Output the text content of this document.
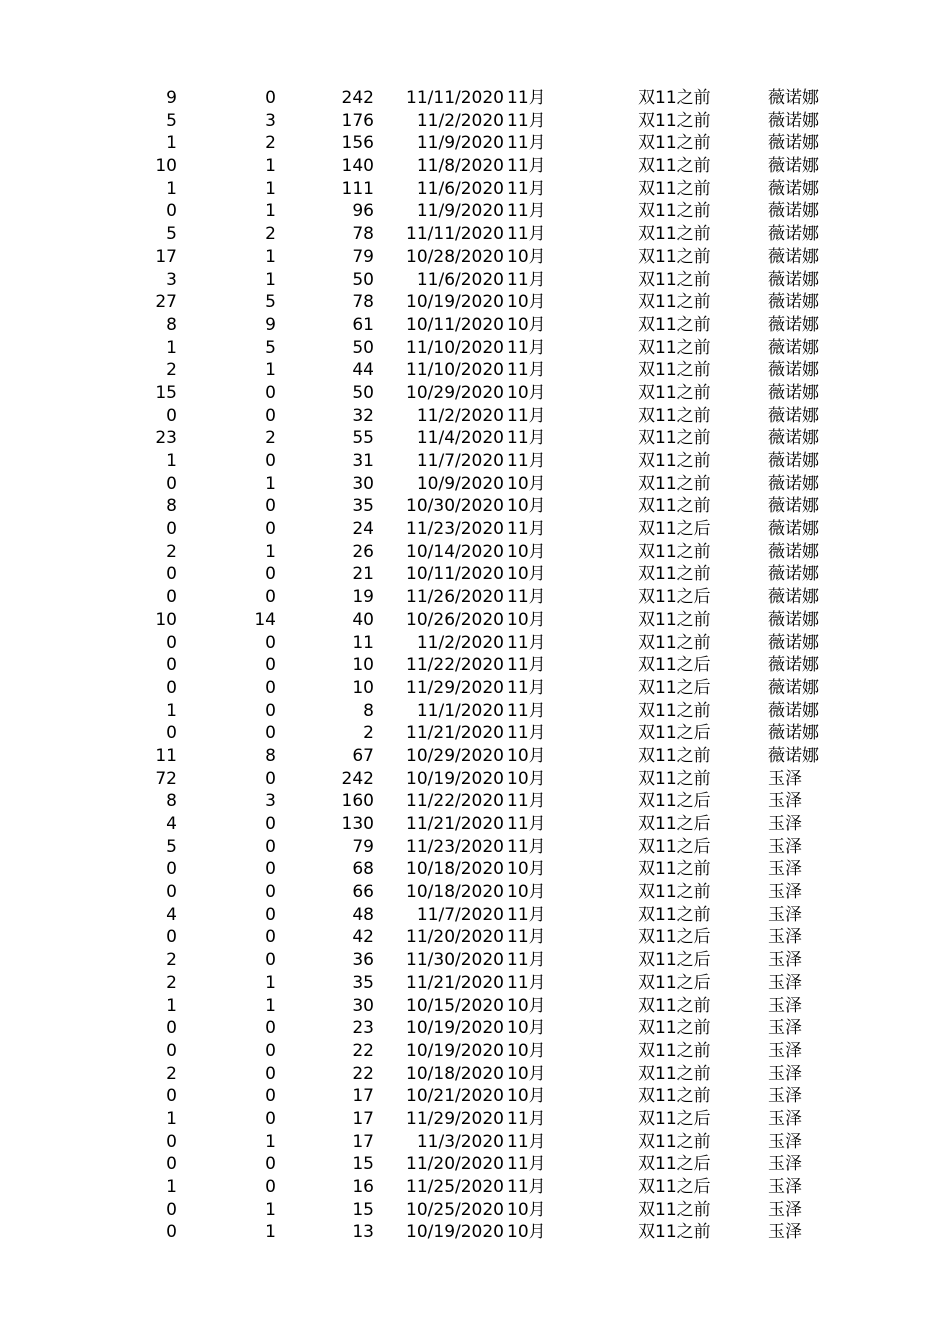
9	0	242	11/11/2020 11月	双11之前	薇诺娜
5	3	176	11/2/2020 11月	双11之前	薇诺娜
1	2	156	11/9/2020 11月	双11之前	薇诺娜
10	1	140	11/8/2020 11月	双11之前	薇诺娜
1	1	111	11/6/2020 11月	双11之前	薇诺娜
0	1	96	11/9/2020 11月	双11之前	薇诺娜
5	2	78	11/11/2020 11月	双11之前	薇诺娜
17	1	79	10/28/2020 10月	双11之前	薇诺娜
3	1	50	11/6/2020 11月	双11之前	薇诺娜
27	5	78	10/19/2020 10月	双11之前	薇诺娜
8	9	61	10/11/2020 10月	双11之前	薇诺娜
1	5	50	11/10/2020 11月	双11之前	薇诺娜
2	1	44	11/10/2020 11月	双11之前	薇诺娜
15	0	50	10/29/2020 10月	双11之前	薇诺娜
0	0	32	11/2/2020 11月	双11之前	薇诺娜
23	2	55	11/4/2020 11月	双11之前	薇诺娜
1	0	31	11/7/2020 11月	双11之前	薇诺娜
0	1	30	10/9/2020 10月	双11之前	薇诺娜
8	0	35	10/30/2020 10月	双11之前	薇诺娜
0	0	24	11/23/2020 11月	双11之后	薇诺娜
2	1	26	10/14/2020 10月	双11之前	薇诺娜
0	0	21	10/11/2020 10月	双11之前	薇诺娜
0	0	19	11/26/2020 11月	双11之后	薇诺娜
10	14	40	10/26/2020 10月	双11之前	薇诺娜
0	0	11	11/2/2020 11月	双11之前	薇诺娜
0	0	10	11/22/2020 11月	双11之后	薇诺娜
0	0	10	11/29/2020 11月	双11之后	薇诺娜
1	0	8	11/1/2020 11月	双11之前	薇诺娜
0	0	2	11/21/2020 11月	双11之后	薇诺娜
11	8	67	10/29/2020 10月	双11之前	薇诺娜
72	0	242	10/19/2020 10月	双11之前	玉泽
8	3	160	11/22/2020 11月	双11之后	玉泽
4	0	130	11/21/2020 11月	双11之后	玉泽
5	0	79	11/23/2020 11月	双11之后	玉泽
0	0	68	10/18/2020 10月	双11之前	玉泽
0	0	66	10/18/2020 10月	双11之前	玉泽
4	0	48	11/7/2020 11月	双11之前	玉泽
0	0	42	11/20/2020 11月	双11之后	玉泽
2	0	36	11/30/2020 11月	双11之后	玉泽
2	1	35	11/21/2020 11月	双11之后	玉泽
1	1	30	10/15/2020 10月	双11之前	玉泽
0	0	23	10/19/2020 10月	双11之前	玉泽
0	0	22	10/19/2020 10月	双11之前	玉泽
2	0	22	10/18/2020 10月	双11之前	玉泽
0	0	17	10/21/2020 10月	双11之前	玉泽
1	0	17	11/29/2020 11月	双11之后	玉泽
0	1	17	11/3/2020 11月	双11之前	玉泽
0	0	15	11/20/2020 11月	双11之后	玉泽
1	0	16	11/25/2020 11月	双11之后	玉泽
0	1	15	10/25/2020 10月	双11之前	玉泽
0	1	13	10/19/2020 10月	双11之前	玉泽
